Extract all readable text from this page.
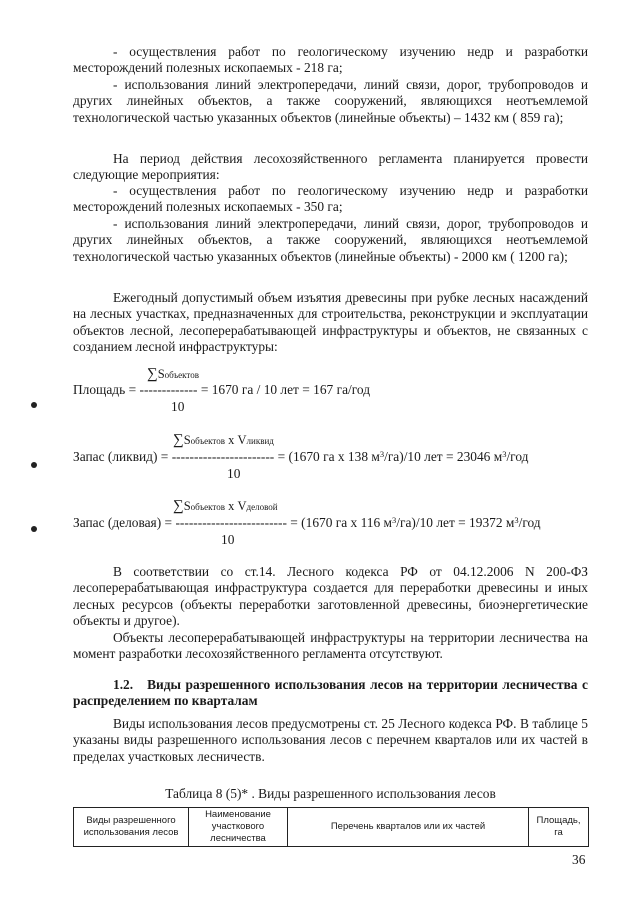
- осуществления работ по геологическому изучению недр и разработки месторождений полезных ископаемых - 218 га;

- использования линий электропередачи, линий связи, дорог, трубопроводов и других линейных объектов, а также сооружений, являющихся неотъемлемой технологической частью указанных объектов (линейные объекты) – 1432 км ( 859 га);

На период действия лесохозяйственного регламента планируется провести следующие мероприятия:

- осуществления работ по геологическому изучению недр и разработки месторождений полезных ископаемых - 350 га;

- использования линий электропередачи, линий связи, дорог, трубопроводов и других линейных объектов, а также сооружений, являющихся неотъемлемой технологической частью указанных объектов (линейные объекты) - 2000 км ( 1200 га);

Ежегодный допустимый объем изъятия древесины при рубке лесных насаждений на лесных участках, предназначенных для строительства, реконструкции и эксплуатации объектов лесной, лесоперерабатывающей инфраструктуры и объектов, не связанных с созданием лесной инфраструктуры:

∑Sобъектов
Площадь = ------------- = 1670 га / 10 лет = 167 га/год
10
∑Sобъектов х Vликвид
Запас (ликвид) = ----------------------- = (1670 га х 138 $м^3/га)/10$ лет = 23046 $м^3$/год
10
∑Sобъектов х Vделовой
Запас (деловая) = ------------------------- = (1670 га х 116 $м^3/га)/10$ лет = 19372 $м^3$/год
10

В соответствии со ст.14. Лесного кодекса РФ от 04.12.2006 N 200-ФЗ лесоперерабатывающая инфраструктура создается для переработки древесины и иных лесных ресурсов (объекты переработки заготовленной древесины, биоэнергетические объекты и другое).

Объекты лесоперерабатывающей инфраструктуры на территории лесничества на момент разработки лесохозяйственного регламента отсутствуют.

1.2. Виды разрешенного использования лесов на территории лесничества с распределением по кварталам

Виды использования лесов предусмотрены ст. 25 Лесного кодекса РФ. В таблице 5 указаны виды разрешенного использования лесов с перечнем кварталов или их частей в пределах участковых лесничеств.

Таблица 8 (5)* . Виды разрешенного использования лесов
Виды разрешенного использования лесов	Наименование участкового лесничества	Перечень кварталов или их частей	Площадь, га
36
